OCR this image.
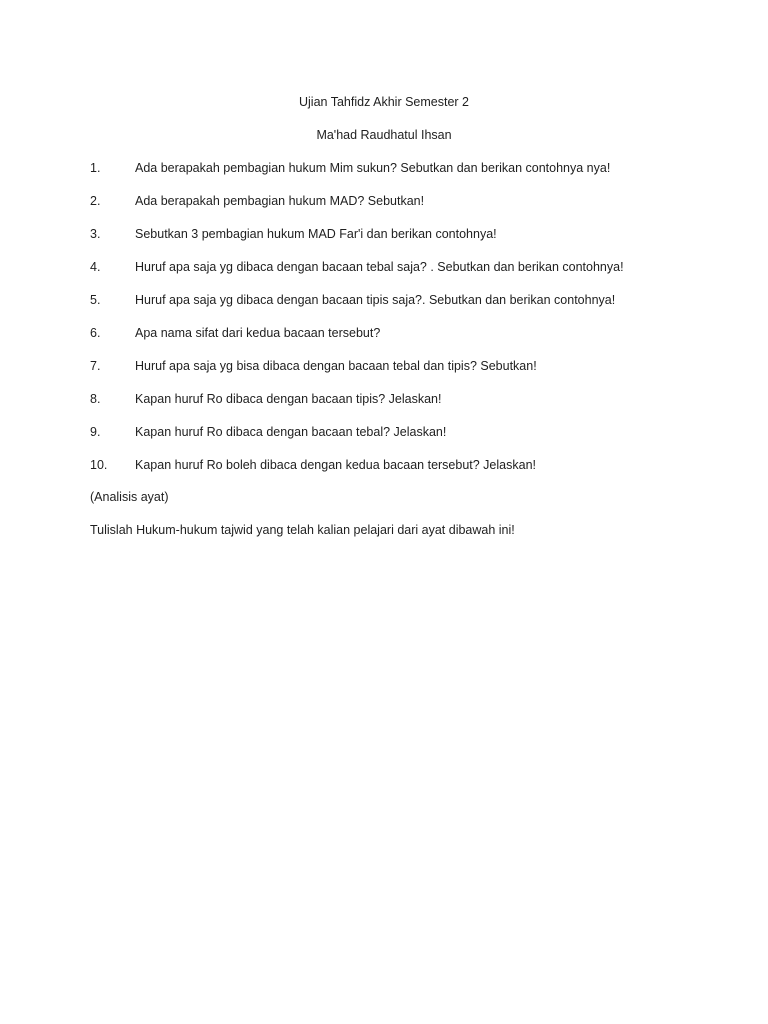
Ujian Tahfidz Akhir Semester 2
Ma'had Raudhatul Ihsan
1.	Ada berapakah pembagian hukum Mim sukun? Sebutkan dan berikan contohnya nya!
2.	Ada berapakah pembagian hukum MAD? Sebutkan!
3.	Sebutkan 3 pembagian hukum MAD Far'i dan berikan contohnya!
4.	Huruf apa saja yg dibaca dengan bacaan tebal saja? . Sebutkan dan berikan contohnya!
5.	Huruf apa saja yg dibaca dengan bacaan tipis saja?. Sebutkan dan berikan contohnya!
6.	Apa nama sifat dari kedua bacaan tersebut?
7.	Huruf apa saja yg bisa dibaca dengan bacaan tebal dan tipis? Sebutkan!
8.	Kapan huruf Ro dibaca dengan bacaan tipis? Jelaskan!
9.	Kapan huruf Ro dibaca dengan bacaan tebal? Jelaskan!
10.	Kapan huruf Ro boleh dibaca dengan kedua bacaan tersebut? Jelaskan!
(Analisis ayat)
Tulislah Hukum-hukum tajwid yang telah kalian pelajari dari ayat dibawah ini!
